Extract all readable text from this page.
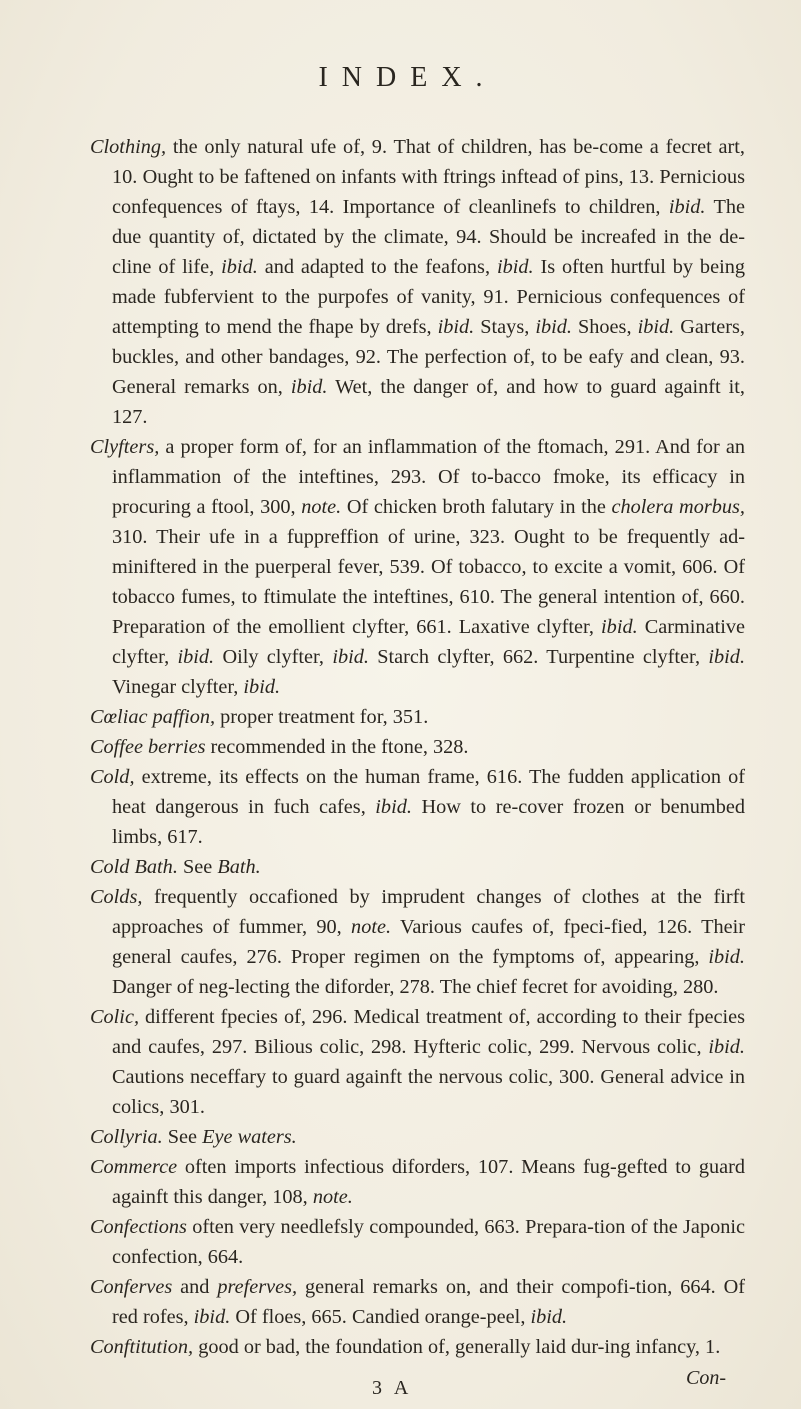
INDEX.

Clothing, the only natural ufe of, 9. That of children, has be-come a fecret art, 10. Ought to be faftened on infants with ftrings inftead of pins, 13. Pernicious confequences of ftays, 14. Importance of cleanlinefs to children, ibid. The due quantity of, dictated by the climate, 94. Should be increafed in the de-cline of life, ibid. and adapted to the feafons, ibid. Is often hurtful by being made fubfervient to the purpofes of vanity, 91. Pernicious confequences of attempting to mend the fhape by drefs, ibid. Stays, ibid. Shoes, ibid. Garters, buckles, and other bandages, 92. The perfection of, to be eafy and clean, 93. General remarks on, ibid. Wet, the danger of, and how to guard againft it, 127.

Clyfters, a proper form of, for an inflammation of the ftomach, 291. And for an inflammation of the inteftines, 293. Of to-bacco fmoke, its efficacy in procuring a ftool, 300, note. Of chicken broth falutary in the cholera morbus, 310. Their ufe in a fuppreffion of urine, 323. Ought to be frequently ad-miniftered in the puerperal fever, 539. Of tobacco, to excite a vomit, 606. Of tobacco fumes, to ftimulate the inteftines, 610. The general intention of, 660. Preparation of the emollient clyfter, 661. Laxative clyfter, ibid. Carminative clyfter, ibid. Oily clyfter, ibid. Starch clyfter, 662. Turpentine clyfter, ibid. Vinegar clyfter, ibid.

Cœliac paffion, proper treatment for, 351.

Coffee berries recommended in the ftone, 328.

Cold, extreme, its effects on the human frame, 616. The fudden application of heat dangerous in fuch cafes, ibid. How to re-cover frozen or benumbed limbs, 617.

Cold Bath. See Bath.

Colds, frequently occafioned by imprudent changes of clothes at the firft approaches of fummer, 90, note. Various caufes of, fpeci-fied, 126. Their general caufes, 276. Proper regimen on the fymptoms of, appearing, ibid. Danger of neg-lecting the diforder, 278. The chief fecret for avoiding, 280.

Colic, different fpecies of, 296. Medical treatment of, according to their fpecies and caufes, 297. Bilious colic, 298. Hyfteric colic, 299. Nervous colic, ibid. Cautions neceffary to guard againft the nervous colic, 300. General advice in colics, 301.

Collyria. See Eye waters.

Commerce often imports infectious diforders, 107. Means fug-gefted to guard againft this danger, 108, note.

Confections often very needlefsly compounded, 663. Prepara-tion of the Japonic confection, 664.

Conferves and preferves, general remarks on, and their compofi-tion, 664. Of red rofes, ibid. Of floes, 665. Candied orange-peel, ibid.

Conftitution, good or bad, the foundation of, generally laid dur-ing infancy, 1.

Con-
3 A
